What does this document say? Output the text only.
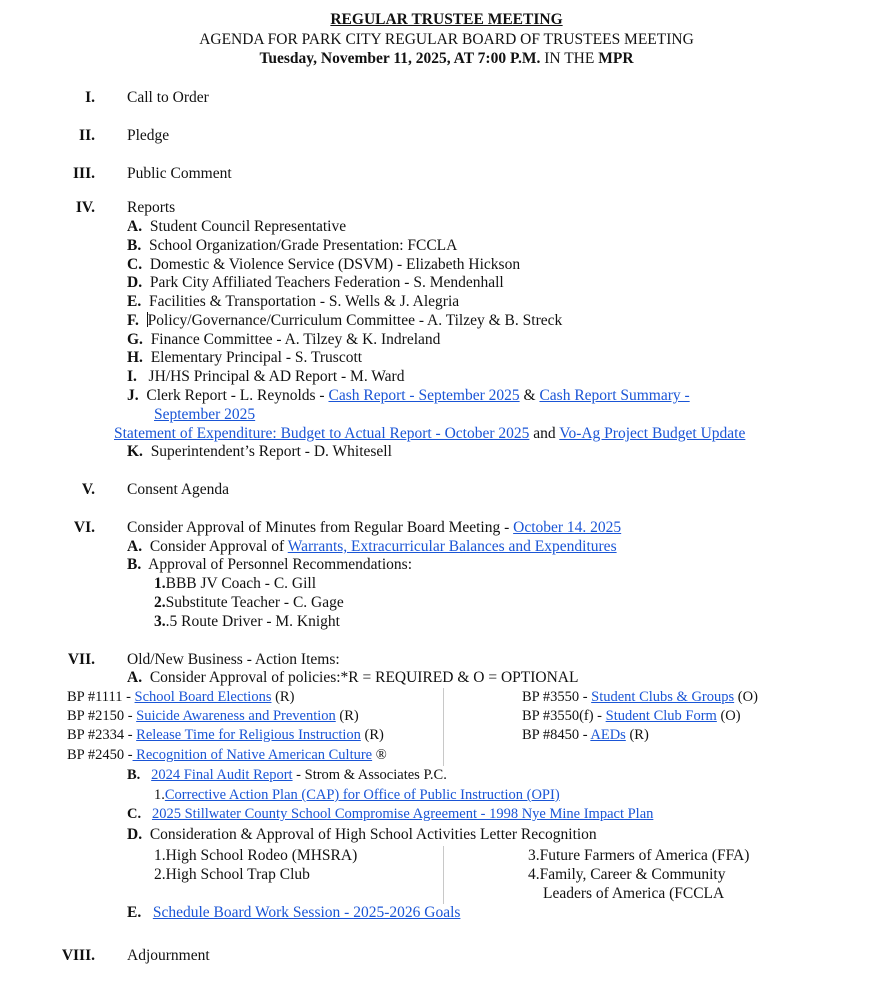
REGULAR TRUSTEE MEETING
AGENDA FOR PARK CITY REGULAR BOARD OF TRUSTEES MEETING
Tuesday, November 11, 2025, AT 7:00 P.M. IN THE MPR
I. Call to Order
II. Pledge
III. Public Comment
IV. Reports
A. Student Council Representative
B. School Organization/Grade Presentation: FCCLA
C. Domestic & Violence Service (DSVM) - Elizabeth Hickson
D. Park City Affiliated Teachers Federation - S. Mendenhall
E. Facilities & Transportation - S. Wells & J. Alegria
F. Policy/Governance/Curriculum Committee - A. Tilzey & B. Streck
G. Finance Committee - A. Tilzey & K. Indreland
H. Elementary Principal - S. Truscott
I. JH/HS Principal & AD Report - M. Ward
J. Clerk Report - L. Reynolds - Cash Report - September 2025 & Cash Report Summary -
September 2025
Statement of Expenditure: Budget to Actual Report - October 2025 and Vo-Ag Project Budget Update
K. Superintendent’s Report - D. Whitesell
V. Consent Agenda
VI. Consider Approval of Minutes from Regular Board Meeting - October 14. 2025
A. Consider Approval of Warrants, Extracurricular Balances and Expenditures
B. Approval of Personnel Recommendations:
1.BBB JV Coach - C. Gill
2.Substitute Teacher - C. Gage
3..5 Route Driver - M. Knight
VII. Old/New Business - Action Items:
A. Consider Approval of policies:*R = REQUIRED & O = OPTIONAL
BP #1111 - School Board Elections (R)
BP #2150 - Suicide Awareness and Prevention (R)
BP #2334 - Release Time for Religious Instruction (R)
BP #2450 - Recognition of Native American Culture ®
BP #3550 - Student Clubs & Groups (O)
BP #3550(f) - Student Club Form (O)
BP #8450 - AEDs (R)
B. 2024 Final Audit Report - Strom & Associates P.C.
1.Corrective Action Plan (CAP) for Office of Public Instruction (OPI)
C. 2025 Stillwater County School Compromise Agreement - 1998 Nye Mine Impact Plan
D. Consideration & Approval of High School Activities Letter Recognition
1.High School Rodeo (MHSRA)
2.High School Trap Club
3.Future Farmers of America (FFA)
4.Family, Career & Community
Leaders of America (FCCLA
E. Schedule Board Work Session - 2025-2026 Goals
VIII. Adjournment
